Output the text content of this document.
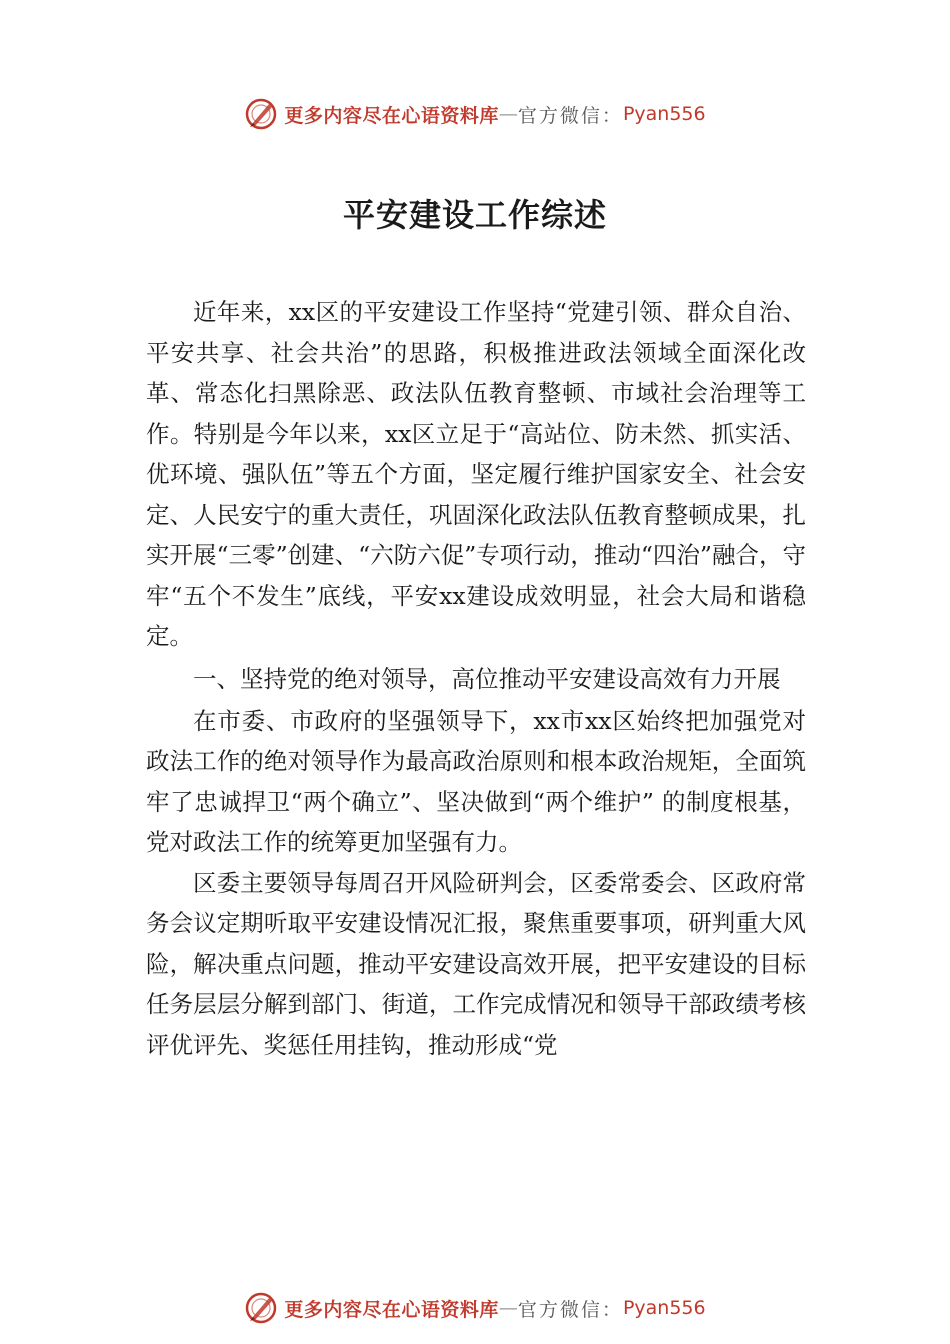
更多内容尽在心语资料库 — 官方微信： Pyan556
平安建设工作综述

近年来，xx区的平安建设工作坚持“党建引领、群众自治、平安共享、社会共治”的思路，积极推进政法领域全面深化改革、常态化扫黑除恶、政法队伍教育整顿、市域社会治理等工作。特别是今年以来，xx区立足于“高站位、防未然、抓实活、优环境、强队伍”等五个方面，坚定履行维护国家安全、社会安定、人民安宁的重大责任，巩固深化政法队伍教育整顿成果，扎实开展“三零”创建、“六防六促”专项行动，推动“四治”融合，守牢“五个不发生”底线，平安xx建设成效明显，社会大局和谐稳定。

一、坚持党的绝对领导，高位推动平安建设高效有力开展

在市委、市政府的坚强领导下，xx市xx区始终把加强党对政法工作的绝对领导作为最高政治原则和根本政治规矩，全面筑牢了忠诚捍卫“两个确立”、坚决做到“两个维护” 的制度根基，党对政法工作的统筹更加坚强有力。

区委主要领导每周召开风险研判会，区委常委会、区政府常务会议定期听取平安建设情况汇报，聚焦重要事项，研判重大风险，解决重点问题，推动平安建设高效开展，把平安建设的目标任务层层分解到部门、街道，工作完成情况和领导干部政绩考核评优评先、奖惩任用挂钩，推动形成“党

更多内容尽在心语资料库 — 官方微信： Pyan556
